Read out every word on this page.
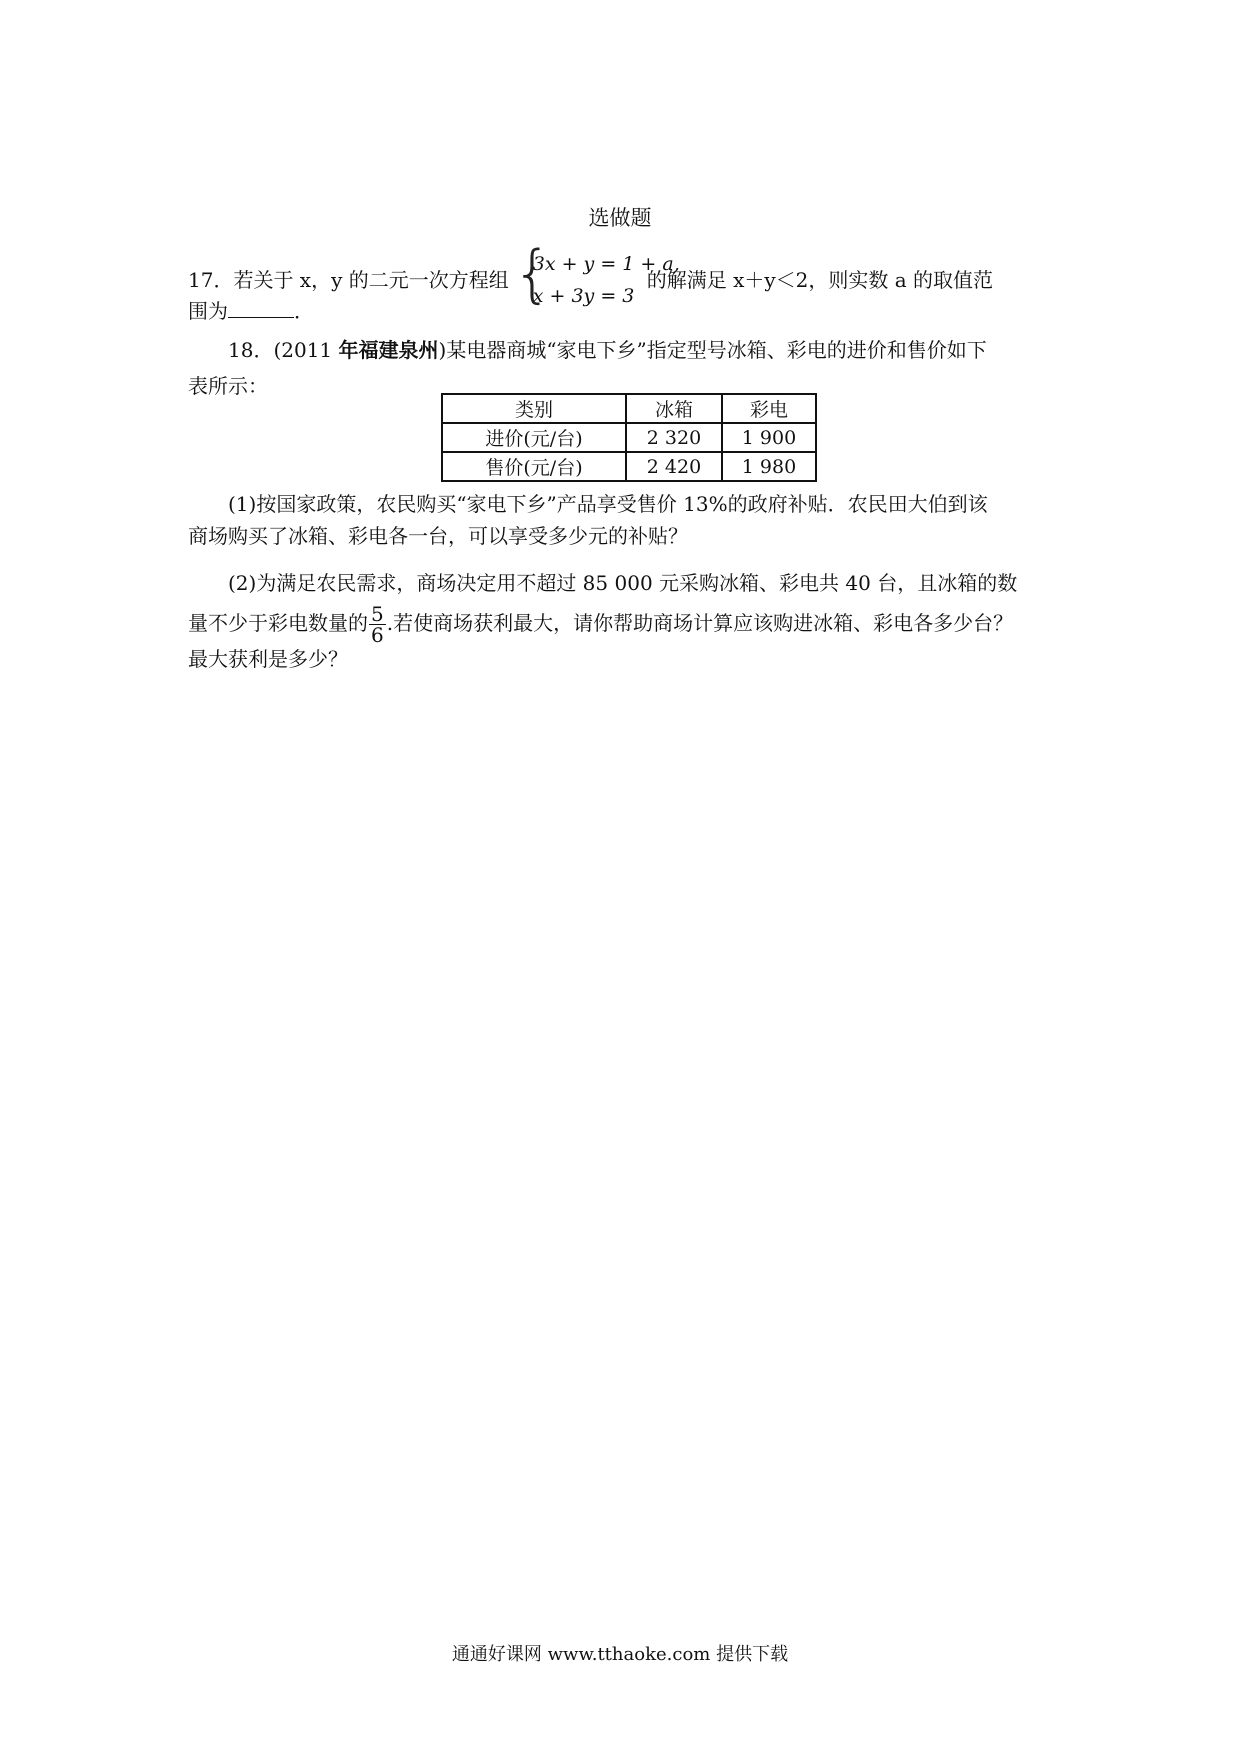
选做题
17．若关于 x，y 的二元一次方程组 {
3x + y = 1 + a,
x + 3y = 3
的解满足 x＋y＜2，则实数 a 的取值范
围为	．
18．(2011 年福建泉州)某电器商城“家电下乡”指定型号冰箱、彩电的进价和售价如下
表所示：
类别	冰箱	彩电
进价(元/台)	2 320	1 900
售价(元/台)	2 420	1 980
(1)按国家政策，农民购买“家电下乡”产品享受售价 13%的政府补贴．农民田大伯到该
商场购买了冰箱、彩电各一台，可以享受多少元的补贴？
(2)为满足农民需求，商场决定用不超过 85 000 元采购冰箱、彩电共 40 台，且冰箱的数
量不少于彩电数量的 $\frac{5}{6}$ .若使商场获利最大，请你帮助商场计算应该购进冰箱、彩电各多少台？
最大获利是多少？
通通好课网 www.tthaoke.com 提供下载
